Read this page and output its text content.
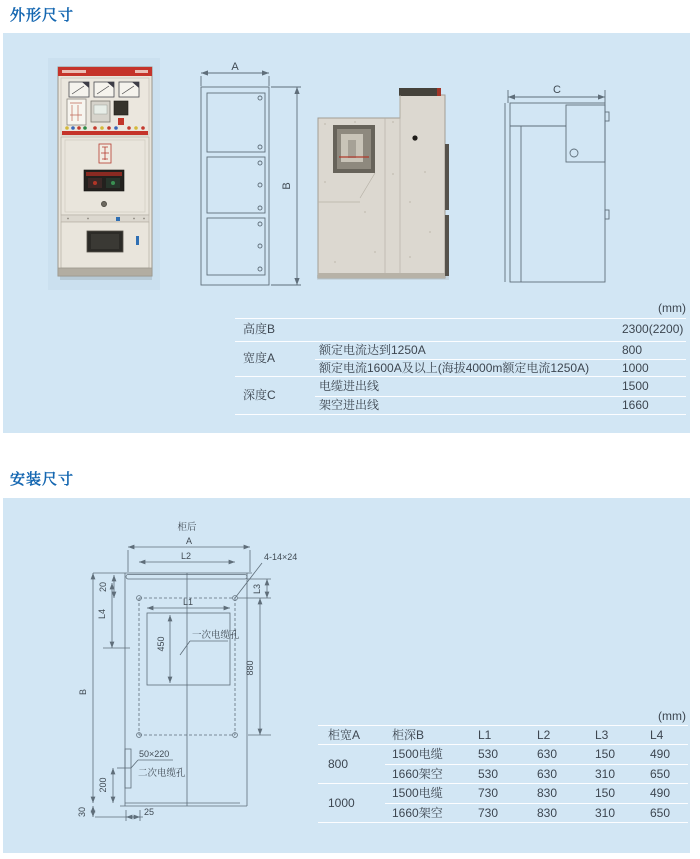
外形尺寸
A
B
C
(mm)
高度B	2300(2200)
宽度A
额定电流达到1250A	800
额定电流1600A及以上(海拔4000m额定电流1250A)	1000
深度C
电缆进出线	1500
架空进出线	1660
安装尺寸
柜后
A
L2	4-14×24
20	L3
L4
L1
450
一次电缆孔
880
B
50×220
二次电缆孔
200
30	25
(mm)
柜宽A	柜深B	L1	L2	L3	L4
800
1500电缆	530	630	150	490
1660架空	530	630	310	650
1000
1500电缆	730	830	150	490
1660架空	730	830	310	650
